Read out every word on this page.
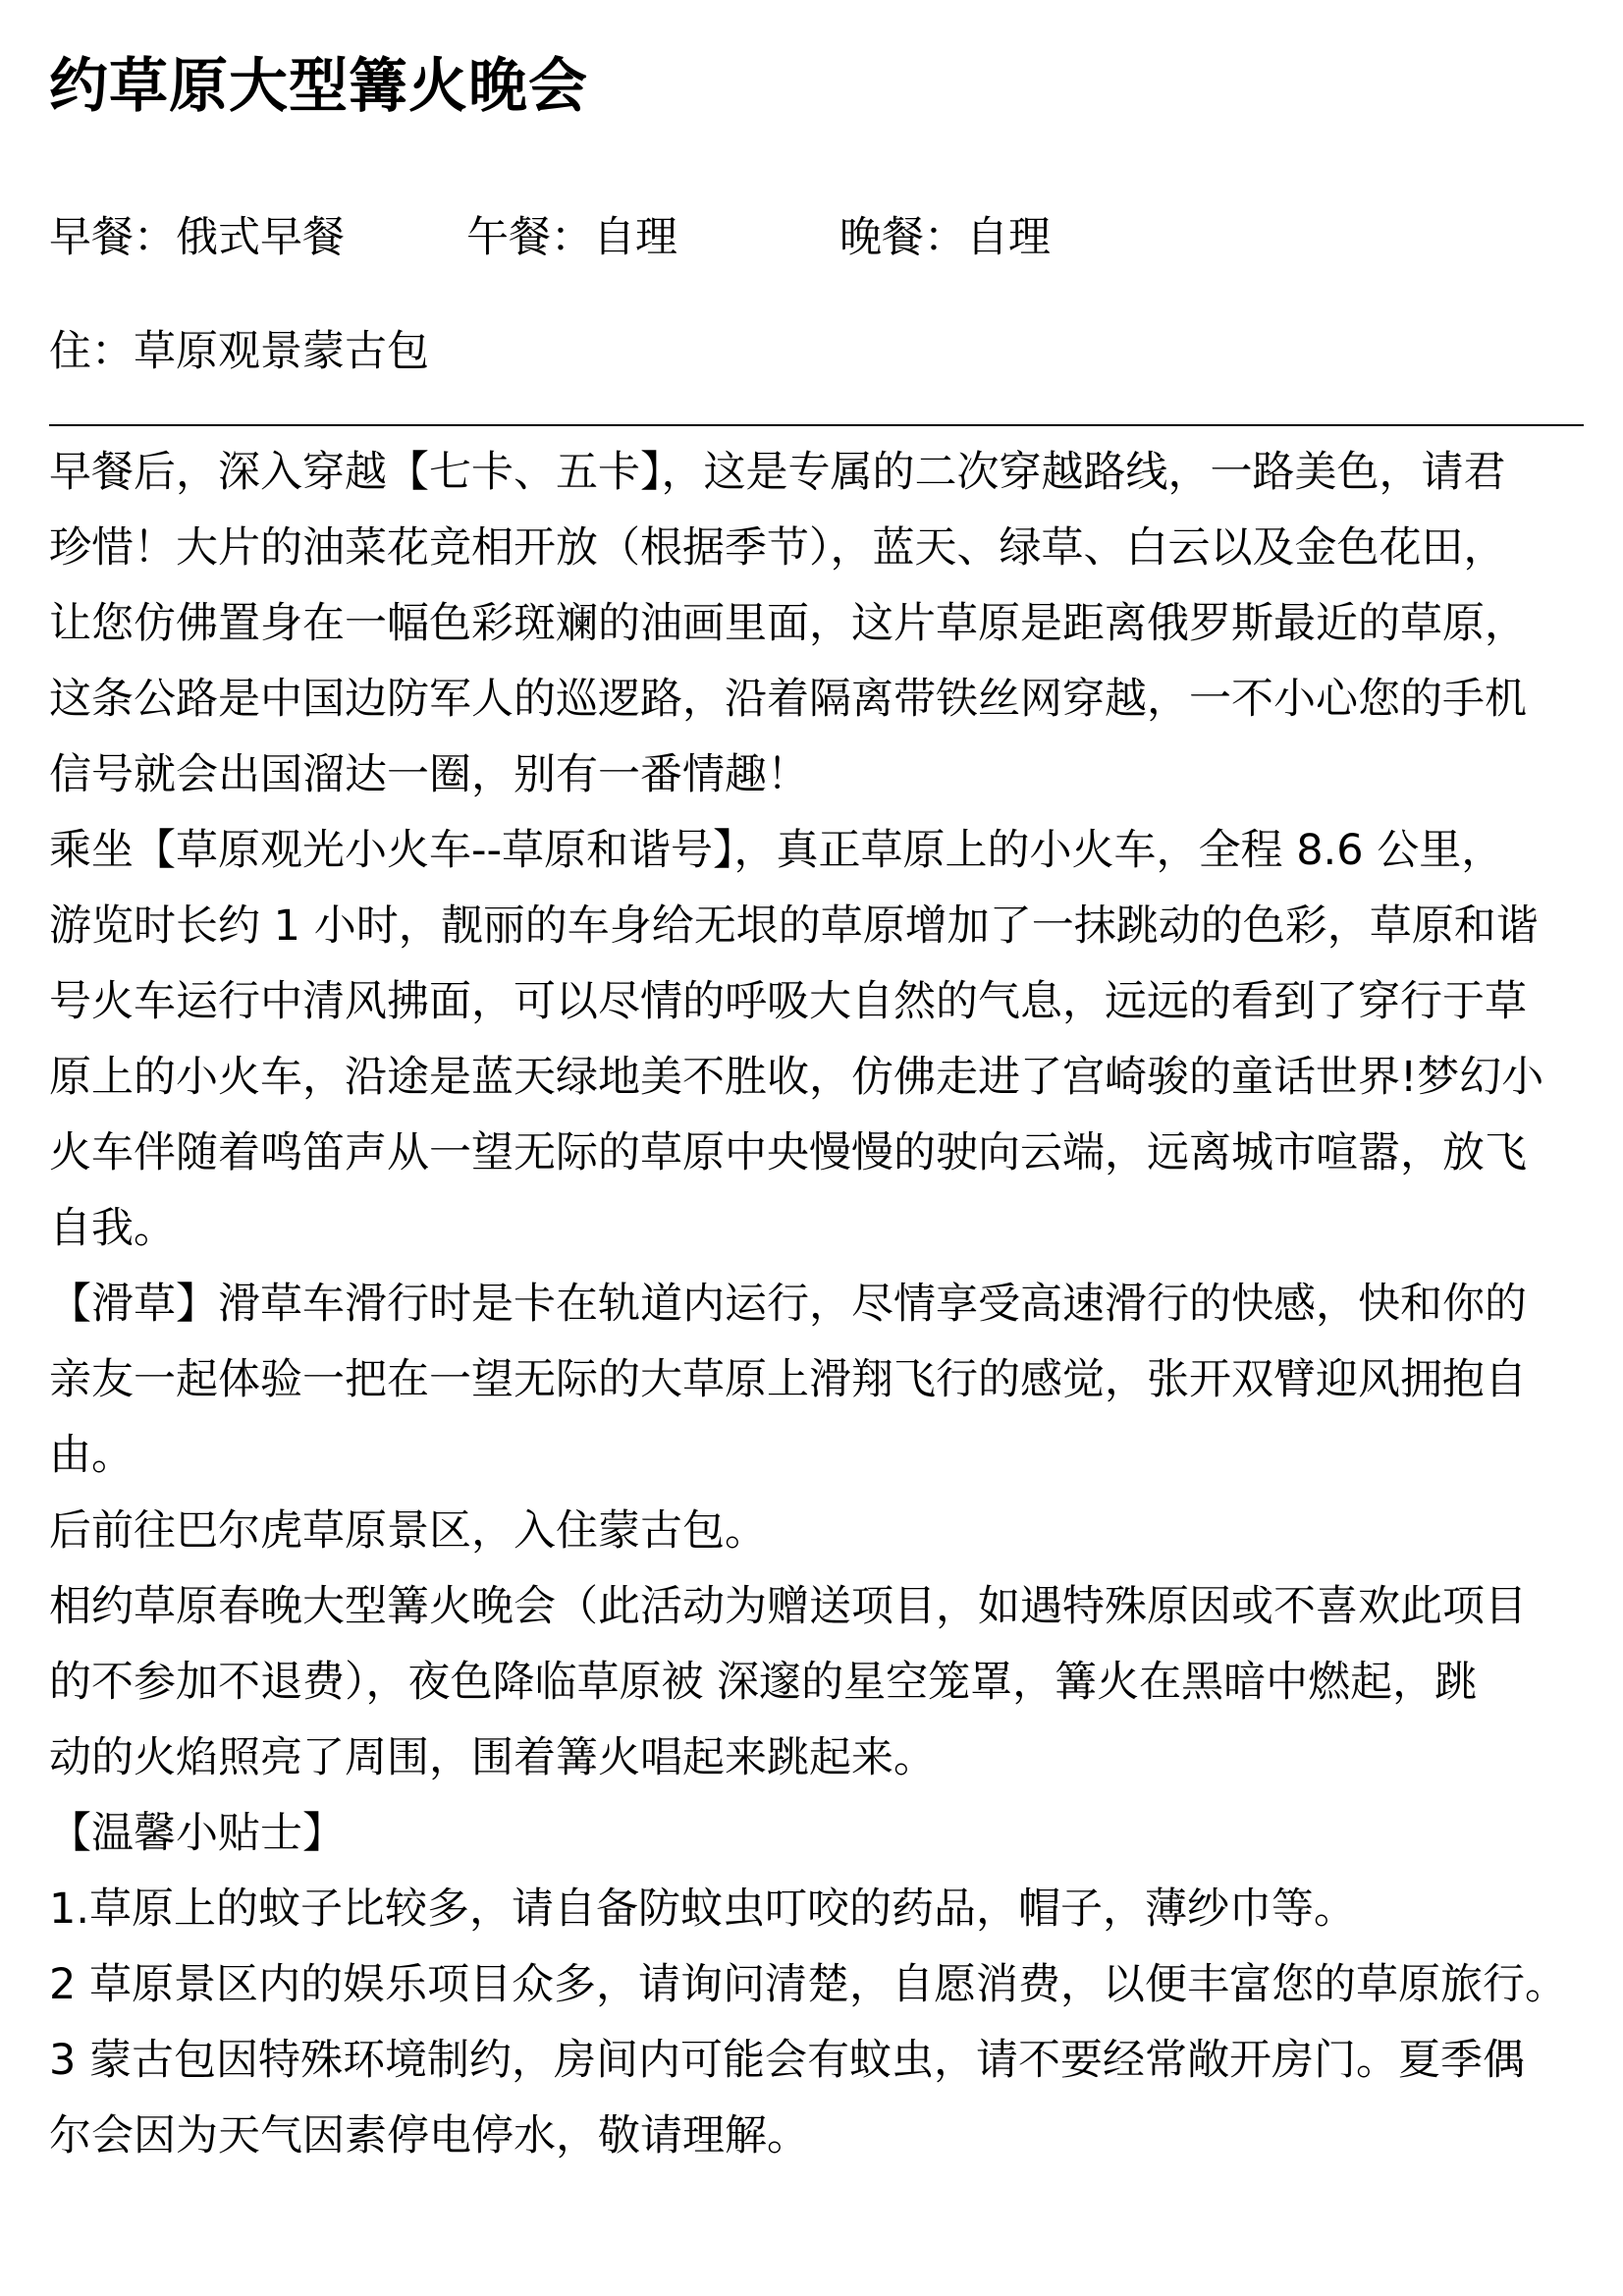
约草原大型篝火晚会
早餐：俄式早餐	午餐：自理	晚餐：自理
住：草原观景蒙古包
早餐后，深入穿越【七卡、五卡】，这是专属的二次穿越路线，一路美色，请君
珍惜！大片的油菜花竞相开放（根据季节），蓝天、绿草、白云以及金色花田，
让您仿佛置身在一幅色彩斑斓的油画里面，这片草原是距离俄罗斯最近的草原，
这条公路是中国边防军人的巡逻路，沿着隔离带铁丝网穿越，一不小心您的手机
信号就会出国溜达一圈，别有一番情趣！
乘坐【草原观光小火车--草原和谐号】，真正草原上的小火车，全程 8.6 公里，
游览时长约 1 小时，靓丽的车身给无垠的草原增加了一抹跳动的色彩，草原和谐
号火车运行中清风拂面，可以尽情的呼吸大自然的气息，远远的看到了穿行于草
原上的小火车，沿途是蓝天绿地美不胜收，仿佛走进了宫崎骏的童话世界!梦幻小
火车伴随着鸣笛声从一望无际的草原中央慢慢的驶向云端，远离城市喧嚣，放飞
自我。
【滑草】滑草车滑行时是卡在轨道内运行，尽情享受高速滑行的快感，快和你的
亲友一起体验一把在一望无际的大草原上滑翔飞行的感觉，张开双臂迎风拥抱自
由。
后前往巴尔虎草原景区，入住蒙古包。
相约草原春晚大型篝火晚会（此活动为赠送项目，如遇特殊原因或不喜欢此项目
的不参加不退费），夜色降临草原被 深邃的星空笼罩，篝火在黑暗中燃起，跳
动的火焰照亮了周围，围着篝火唱起来跳起来。
【温馨小贴士】
1.草原上的蚊子比较多，请自备防蚊虫叮咬的药品，帽子，薄纱巾等。
2 草原景区内的娱乐项目众多，请询问清楚，自愿消费，以便丰富您的草原旅行。
3 蒙古包因特殊环境制约，房间内可能会有蚊虫，请不要经常敞开房门。夏季偶
尔会因为天气因素停电停水，敬请理解。
